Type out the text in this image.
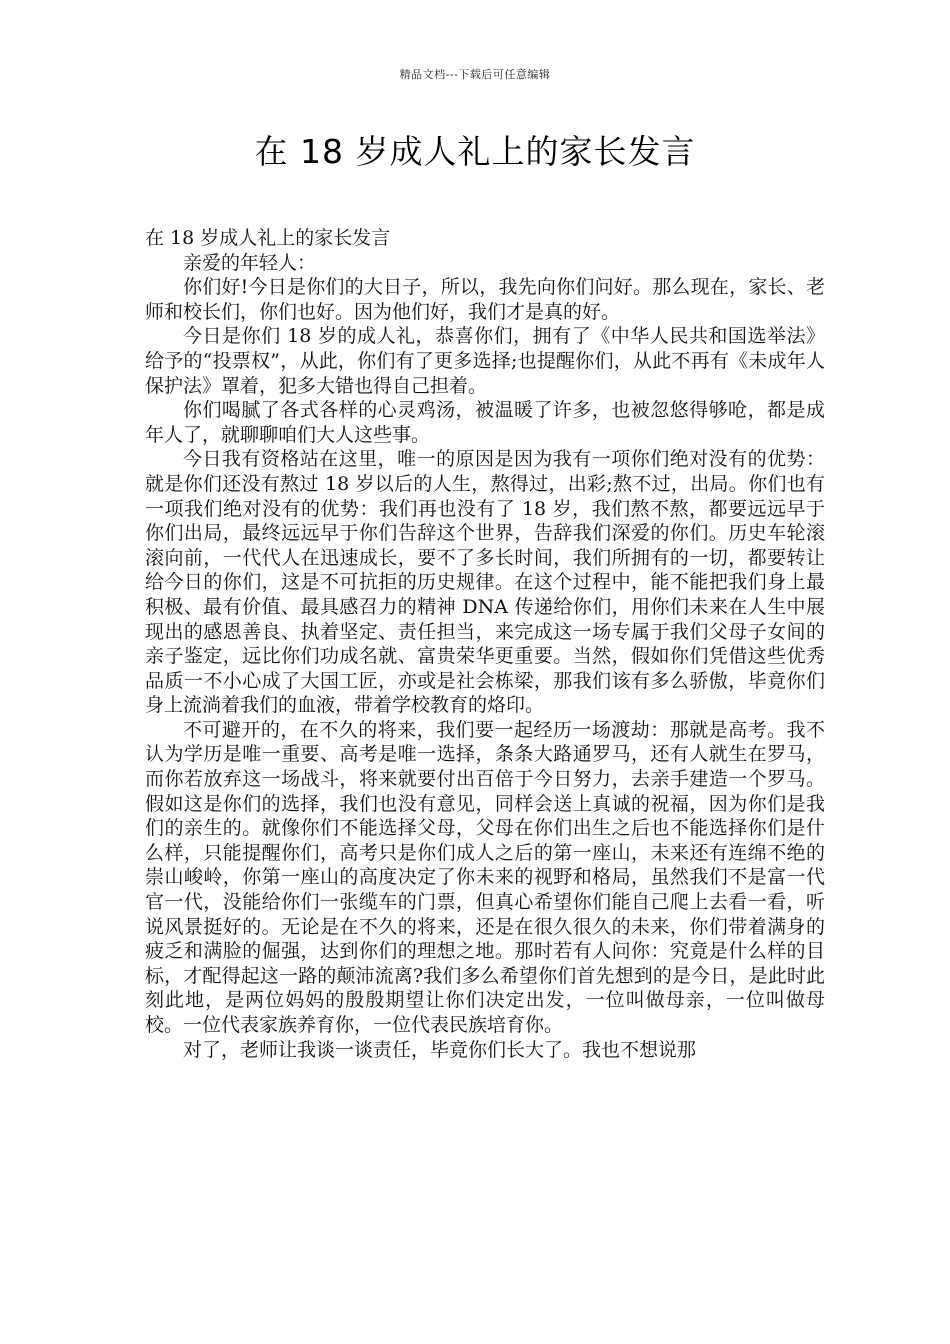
精品文档---下载后可任意编辑
在 18 岁成人礼上的家长发言

在 18 岁成人礼上的家长发言

亲爱的年轻人：

你们好!今日是你们的大日子，所以，我先向你们问好。那么现在，家长、老师和校长们，你们也好。因为他们好，我们才是真的好。

今日是你们 18 岁的成人礼，恭喜你们，拥有了《中华人民共和国选举法》给予的“投票权”，从此，你们有了更多选择;也提醒你们，从此不再有《未成年人保护法》罩着，犯多大错也得自己担着。

你们喝腻了各式各样的心灵鸡汤，被温暖了许多，也被忽悠得够呛，都是成年人了，就聊聊咱们大人这些事。

今日我有资格站在这里，唯一的原因是因为我有一项你们绝对没有的优势：就是你们还没有熬过 18 岁以后的人生，熬得过，出彩;熬不过，出局。你们也有一项我们绝对没有的优势：我们再也没有了 18 岁，我们熬不熬，都要远远早于你们出局，最终远远早于你们告辞这个世界，告辞我们深爱的你们。历史车轮滚滚向前，一代代人在迅速成长，要不了多长时间，我们所拥有的一切，都要转让给今日的你们，这是不可抗拒的历史规律。在这个过程中，能不能把我们身上最积极、最有价值、最具感召力的精神 DNA 传递给你们，用你们未来在人生中展现出的感恩善良、执着坚定、责任担当，来完成这一场专属于我们父母子女间的亲子鉴定，远比你们功成名就、富贵荣华更重要。当然，假如你们凭借这些优秀品质一不小心成了大国工匠，亦或是社会栋梁，那我们该有多么骄傲，毕竟你们身上流淌着我们的血液，带着学校教育的烙印。

不可避开的，在不久的将来，我们要一起经历一场渡劫：那就是高考。我不认为学历是唯一重要、高考是唯一选择，条条大路通罗马，还有人就生在罗马，而你若放弃这一场战斗，将来就要付出百倍于今日努力，去亲手建造一个罗马。假如这是你们的选择，我们也没有意见，同样会送上真诚的祝福，因为你们是我们的亲生的。就像你们不能选择父母，父母在你们出生之后也不能选择你们是什么样，只能提醒你们，高考只是你们成人之后的第一座山，未来还有连绵不绝的崇山峻岭，你第一座山的高度决定了你未来的视野和格局，虽然我们不是富一代官一代，没能给你们一张缆车的门票，但真心希望你们能自己爬上去看一看，听说风景挺好的。无论是在不久的将来，还是在很久很久的未来，你们带着满身的疲乏和满脸的倔强，达到你们的理想之地。那时若有人问你：究竟是什么样的目标，才配得起这一路的颠沛流离?我们多么希望你们首先想到的是今日，是此时此刻此地，是两位妈妈的殷殷期望让你们决定出发，一位叫做母亲，一位叫做母校。一位代表家族养育你，一位代表民族培育你。

对了，老师让我谈一谈责任，毕竟你们长大了。我也不想说那
